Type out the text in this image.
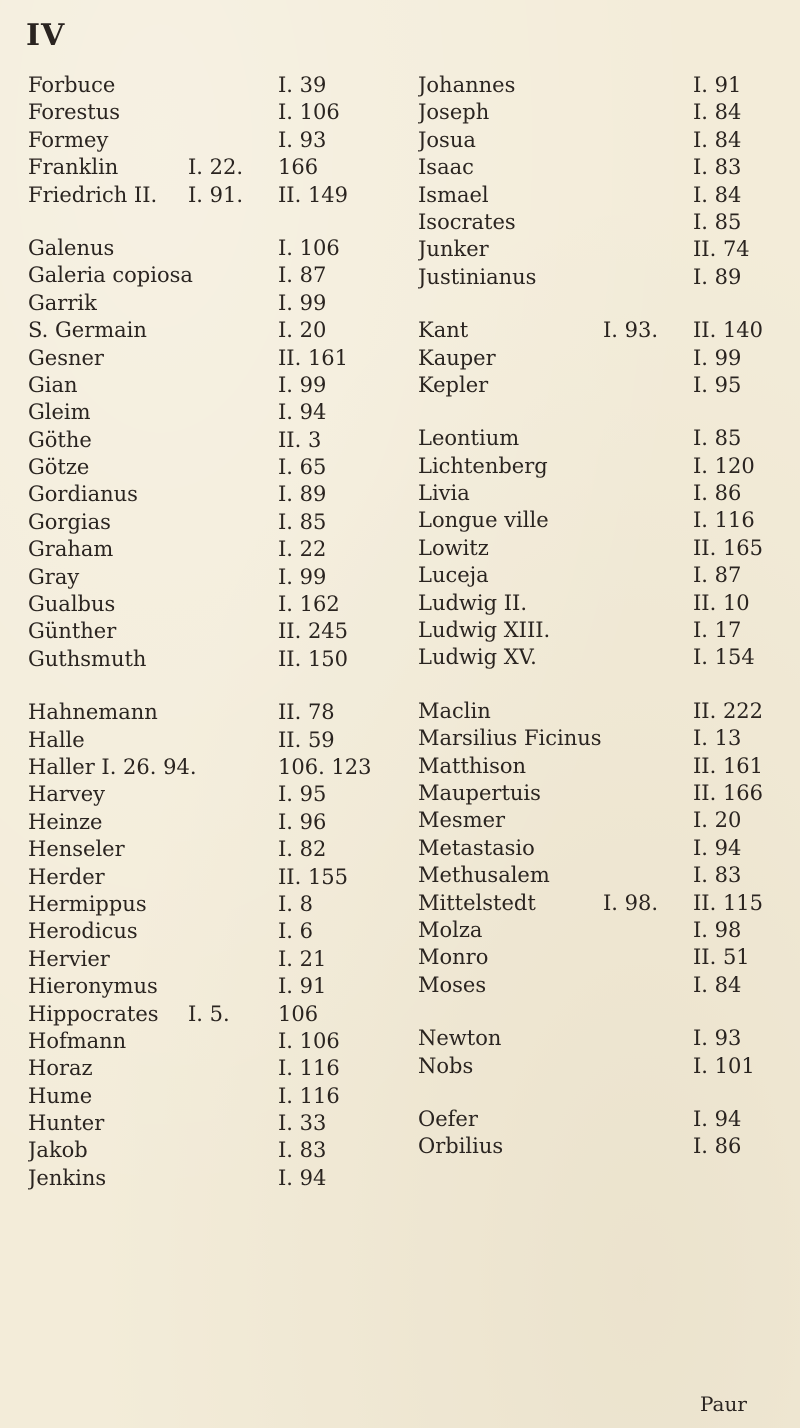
IV
Forbuce	I. 39
Forestus	I. 106
Formey	I. 93
Franklin	I. 22.	166
Friedrich II.	I. 91.	II. 149
Galenus	I. 106
Galeria copiosa	I. 87
Garrik	I. 99
S. Germain	I. 20
Gesner	II. 161
Gian	I. 99
Gleim	I. 94
Göthe	II. 3
Götze	I. 65
Gordianus	I. 89
Gorgias	I. 85
Graham	I. 22
Gray	I. 99
Gualbus	I. 162
Günther	II. 245
Guthsmuth	II. 150
Hahnemann	II. 78
Halle	II. 59
Haller I. 26. 94.	106. 123
Harvey	I. 95
Heinze	I. 96
Henseler	I. 82
Herder	II. 155
Hermippus	I. 8
Herodicus	I. 6
Hervier	I. 21
Hieronymus	I. 91
Hippocrates	I. 5.	106
Hofmann	I. 106
Horaz	I. 116
Hume	I. 116
Hunter	I. 33
Jakob	I. 83
Jenkins	I. 94
Johannes	I. 91
Joseph	I. 84
Josua	I. 84
Isaac	I. 83
Ismael	I. 84
Isocrates	I. 85
Junker	II. 74
Justinianus	I. 89
Kant	I. 93.	II. 140
Kauper	I. 99
Kepler	I. 95
Leontium	I. 85
Lichtenberg	I. 120
Livia	I. 86
Longue ville	I. 116
Lowitz	II. 165
Luceja	I. 87
Ludwig II.	II. 10
Ludwig XIII.	I. 17
Ludwig XV.	I. 154
Maclin	II. 222
Marsilius Ficinus	I. 13
Matthison	II. 161
Maupertuis	II. 166
Mesmer	I. 20
Metastasio	I. 94
Methusalem	I. 83
Mittelstedt	I. 98.	II. 115
Molza	I. 98
Monro	II. 51
Moses	I. 84
Newton	I. 93
Nobs	I. 101
Oefer	I. 94
Orbilius	I. 86
Paur
